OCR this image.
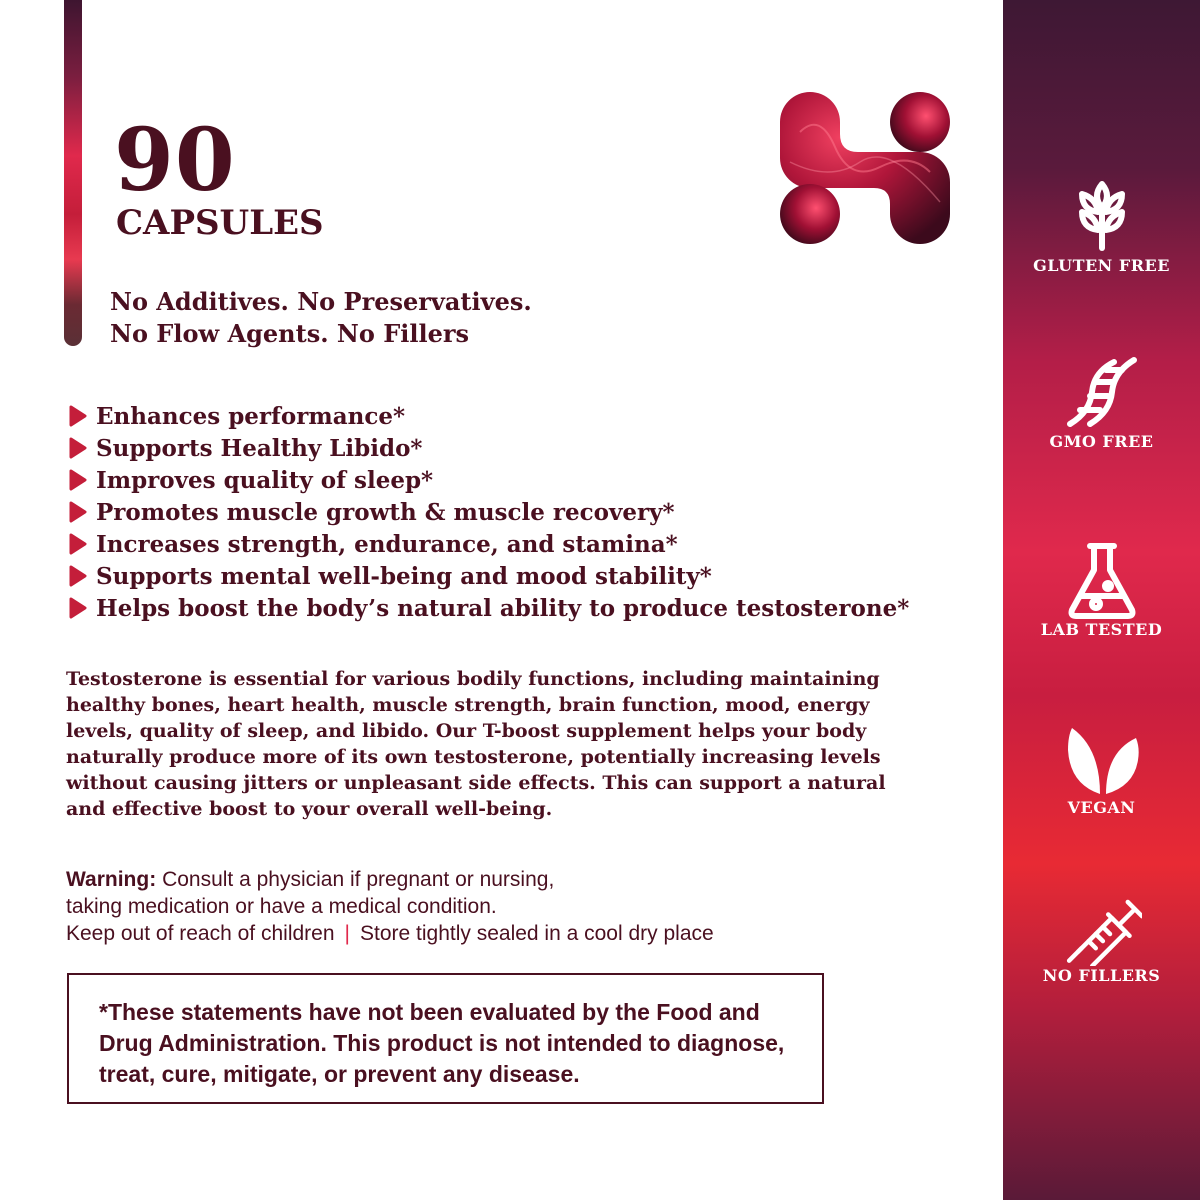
90
CAPSULES
No Additives. No Preservatives.
No Flow Agents. No Fillers
Enhances performance*
Supports Healthy Libido*
Improves quality of sleep*
Promotes muscle growth & muscle recovery*
Increases strength, endurance, and stamina*
Supports mental well-being and mood stability*
Helps boost the body’s natural ability to produce testosterone*
Testosterone is essential for various bodily functions, including maintaining healthy bones, heart health, muscle strength, brain function, mood, energy levels, quality of sleep, and libido. Our T-boost supplement helps your body naturally produce more of its own testosterone, potentially increasing levels without causing jitters or unpleasant side effects. This can support a natural and effective boost to your overall well-being.
Warning: Consult a physician if pregnant or nursing,
taking medication or have a medical condition.
Keep out of reach of children | Store tightly sealed in a cool dry place
*These statements have not been evaluated by the Food and Drug Administration. This product is not intended to diagnose, treat, cure, mitigate, or prevent any disease.
GLUTEN FREE
GMO FREE
LAB TESTED
VEGAN
NO FILLERS
